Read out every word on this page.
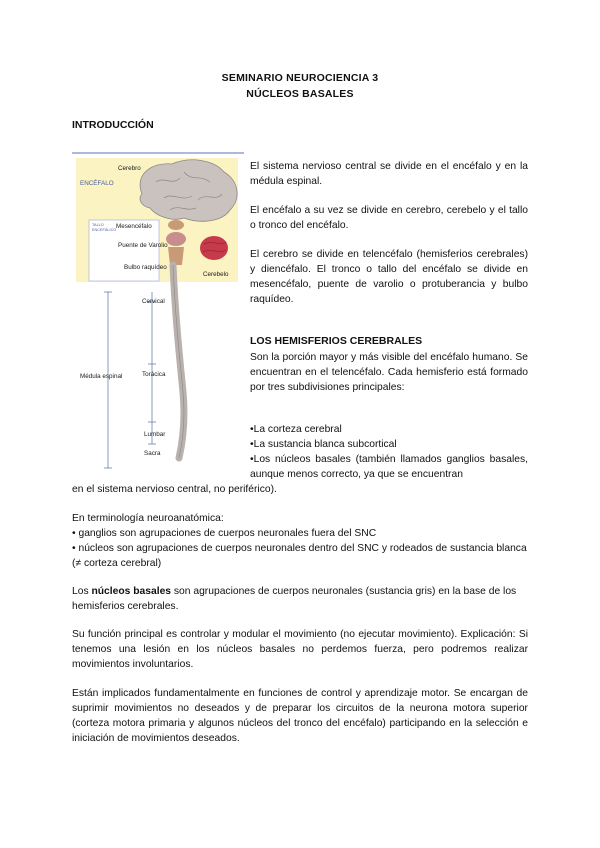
SEMINARIO NEUROCIENCIA 3
NÚCLEOS BASALES
INTRODUCCIÓN
Cerebro
ENCÉFALO
TALLO ENCEFÁLICO Mesencéfalo
Puente de Varolio
Bulbo raquídeo
Cerebelo
Cervical
Torácica
Lumbar
Sacra
Médula espinal

El sistema nervioso central se divide en el encéfalo y en la médula espinal.

El encéfalo a su vez se divide en cerebro, cerebelo y el tallo o tronco del encéfalo.

El cerebro se divide en telencéfalo (hemisferios cerebrales) y diencéfalo. El tronco o tallo del encéfalo se divide en mesencéfalo, puente de varolio o protuberancia y bulbo raquídeo.

LOS HEMISFERIOS CEREBRALES

Son la porción mayor y más visible del encéfalo humano. Se encuentran en el telencéfalo. Cada hemisferio está formado por tres subdivisiones principales:

•La corteza cerebral
•La sustancia blanca subcortical
•Los núcleos basales (también llamados ganglios basales, aunque menos correcto, ya que se encuentran

en el sistema nervioso central, no periférico).

En terminología neuroanatómica:

• ganglios son agrupaciones de cuerpos neuronales fuera del SNC

• núcleos son agrupaciones de cuerpos neuronales dentro del SNC y rodeados de sustancia blanca (≠ corteza cerebral)

Los núcleos basales son agrupaciones de cuerpos neuronales (sustancia gris) en la base de los hemisferios cerebrales.

Su función principal es controlar y modular el movimiento (no ejecutar movimiento). Explicación: Si tenemos una lesión en los núcleos basales no perdemos fuerza, pero podremos realizar movimientos involuntarios.

Están implicados fundamentalmente en funciones de control y aprendizaje motor. Se encargan de suprimir movimientos no deseados y de preparar los circuitos de la neurona motora superior (corteza motora primaria y algunos núcleos del tronco del encéfalo) participando en la selección e iniciación de movimientos deseados.
